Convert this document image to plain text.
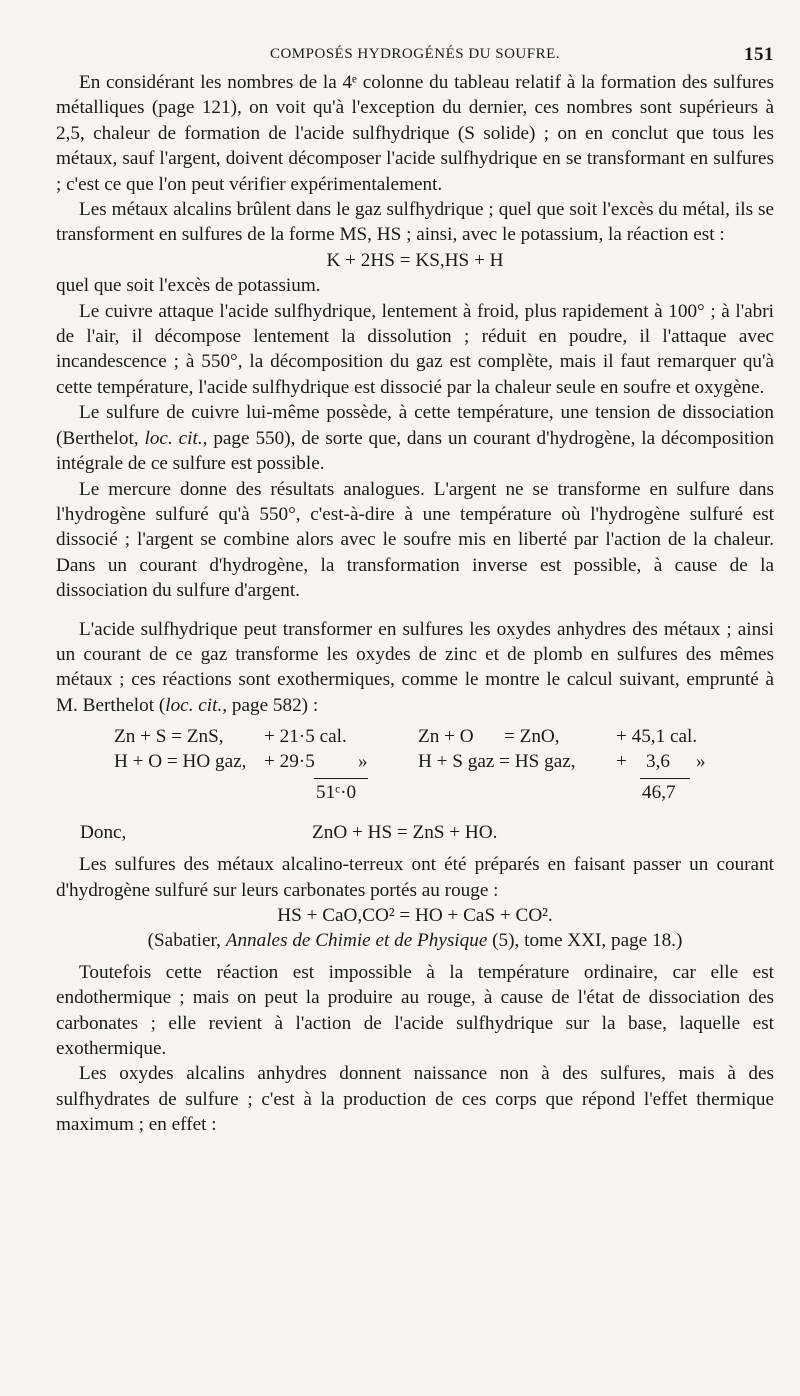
COMPOSÉS HYDROGÉNÉS DU SOUFRE.	151

En considérant les nombres de la 4ᵉ colonne du tableau relatif à la formation des sulfures métalliques (page 121), on voit qu'à l'exception du dernier, ces nombres sont supérieurs à 2,5, chaleur de formation de l'acide sulfhydrique (S solide) ; on en conclut que tous les métaux, sauf l'argent, doivent décomposer l'acide sulfhydrique en se transformant en sulfures ; c'est ce que l'on peut vérifier expérimentalement.

Les métaux alcalins brûlent dans le gaz sulfhydrique ; quel que soit l'excès du métal, ils se transforment en sulfures de la forme MS, HS ; ainsi, avec le potassium, la réaction est :

K + 2HS = KS,HS + H

quel que soit l'excès de potassium.

Le cuivre attaque l'acide sulfhydrique, lentement à froid, plus rapidement à 100° ; à l'abri de l'air, il décompose lentement la dissolution ; réduit en poudre, il l'attaque avec incandescence ; à 550°, la décomposition du gaz est complète, mais il faut remarquer qu'à cette température, l'acide sulfhydrique est dissocié par la chaleur seule en soufre et oxygène.

Le sulfure de cuivre lui-même possède, à cette température, une tension de dissociation (Berthelot, loc. cit., page 550), de sorte que, dans un courant d'hydrogène, la décomposition intégrale de ce sulfure est possible.

Le mercure donne des résultats analogues. L'argent ne se transforme en sulfure dans l'hydrogène sulfuré qu'à 550°, c'est-à-dire à une température où l'hydrogène sulfuré est dissocié ; l'argent se combine alors avec le soufre mis en liberté par l'action de la chaleur. Dans un courant d'hydrogène, la transformation inverse est possible, à cause de la dissociation du sulfure d'argent.

L'acide sulfhydrique peut transformer en sulfures les oxydes anhydres des métaux ; ainsi un courant de ce gaz transforme les oxydes de zinc et de plomb en sulfures des mêmes métaux ; ces réactions sont exothermiques, comme le montre le calcul suivant, emprunté à M. Berthelot (loc. cit., page 582) :

Zn + S = ZnS, + 21·5 cal.	Zn + O = ZnO,	+ 45,1 cal.
H + O = HO gaz, + 29·5 »	H + S gaz = HS gaz, + 3,6 »
51ᶜ·0	46,7
Donc,	ZnO + HS = ZnS + HO.

Les sulfures des métaux alcalino-terreux ont été préparés en faisant passer un courant d'hydrogène sulfuré sur leurs carbonates portés au rouge :

HS + CaO,CO² = HO + CaS + CO².
(Sabatier, Annales de Chimie et de Physique (5), tome XXI, page 18.)

Toutefois cette réaction est impossible à la température ordinaire, car elle est endothermique ; mais on peut la produire au rouge, à cause de l'état de dissociation des carbonates ; elle revient à l'action de l'acide sulfhydrique sur la base, laquelle est exothermique.

Les oxydes alcalins anhydres donnent naissance non à des sulfures, mais à des sulfhydrates de sulfure ; c'est à la production de ces corps que répond l'effet thermique maximum ; en effet :
